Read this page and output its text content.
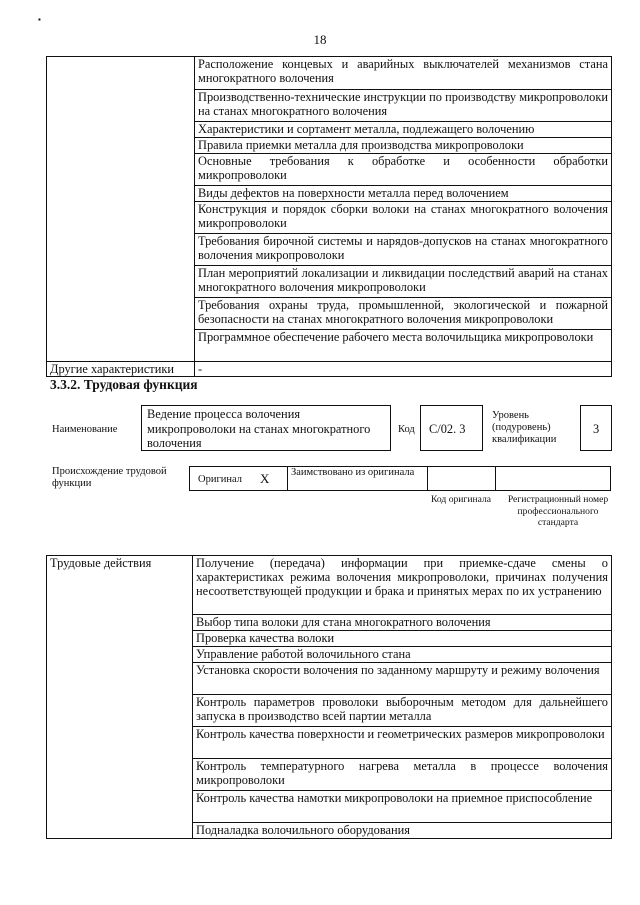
▪
18
	Расположение концевых и аварийных выключателей механизмов стана многократного волочения
	Производственно-технические инструкции по производству микропроволоки на станах многократного волочения
	Характеристики и сортамент металла, подлежащего волочению
	Правила приемки металла для производства микропроволоки
	Основные требования к обработке и особенности обработки микропроволоки
	Виды дефектов на поверхности металла перед волочением
	Конструкция и порядок сборки волоки на станах многократного волочения микропроволоки
	Требования бирочной системы и нарядов-допусков на станах многократного волочения микропроволоки
	План мероприятий локализации и ликвидации последствий аварий на станах многократного волочения микропроволоки
	Требования охраны труда, промышленной, экологической и пожарной безопасности на станах многократного волочения микропроволоки
	Программное обеспечение рабочего места волочильщика микропроволоки
Другие характеристики	-
3.3.2. Трудовая функция
Наименование
Ведение процесса волочения микропроволоки на станах многократного волочения
Код C/02. 3
Уровень (подуровень) квалификации
3
Происхождение трудовой функции	Оригинал X Заимствовано из оригинала
Код оригинала	Регистрационный номер профессионального стандарта
Трудовые действия	Получение (передача) информации при приемке-сдаче смены о характеристиках режима волочения микропроволоки, причинах получения несоответствующей продукции и брака и принятых мерах по их устранению
Выбор типа волоки для стана многократного волочения
Проверка качества волоки
Управление работой волочильного стана
Установка скорости волочения по заданному маршруту и режиму волочения
Контроль параметров проволоки выборочным методом для дальнейшего запуска в производство всей партии металла
Контроль качества поверхности и геометрических размеров микропроволоки
Контроль температурного нагрева металла в процессе волочения микропроволоки
Контроль качества намотки микропроволоки на приемное приспособление
Подналадка волочильного оборудования
